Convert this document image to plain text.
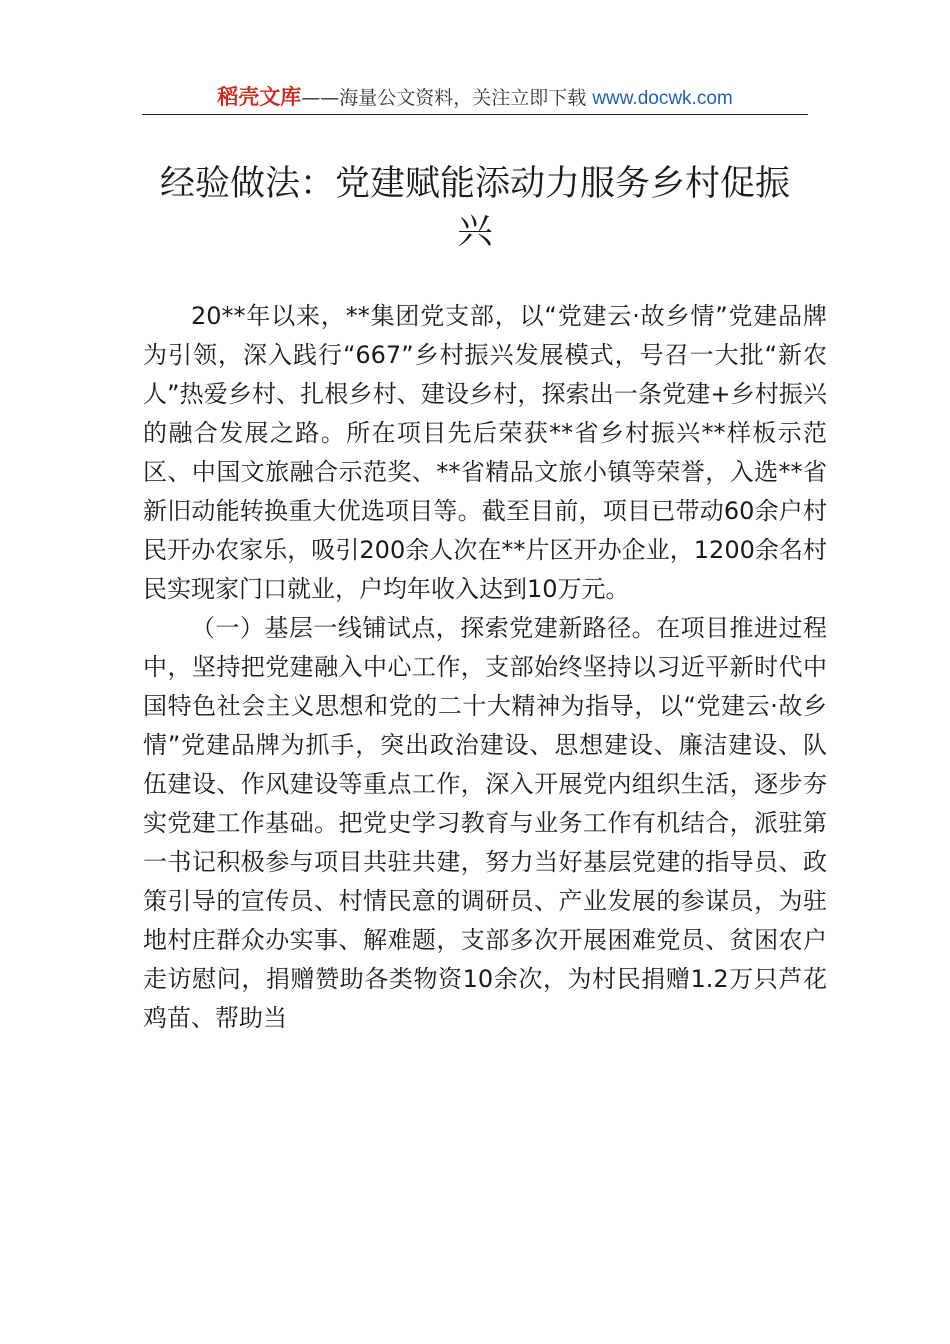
稻壳文库——海量公文资料，关注立即下载 www.docwk.com
经验做法：党建赋能添动力服务乡村促振兴

20**年以来，**集团党支部，以“党建云·故乡情”党建品牌为引领，深入践行“667”乡村振兴发展模式，号召一大批“新农人”热爱乡村、扎根乡村、建设乡村，探索出一条党建+乡村振兴的融合发展之路。所在项目先后荣获**省乡村振兴**样板示范区、中国文旅融合示范奖、**省精品文旅小镇等荣誉，入选**省新旧动能转换重大优选项目等。截至目前，项目已带动60余户村民开办农家乐，吸引200余人次在**片区开办企业，1200余名村民实现家门口就业，户均年收入达到10万元。

（一）基层一线铺试点，探索党建新路径。在项目推进过程中，坚持把党建融入中心工作，支部始终坚持以习近平新时代中国特色社会主义思想和党的二十大精神为指导，以“党建云·故乡情”党建品牌为抓手，突出政治建设、思想建设、廉洁建设、队伍建设、作风建设等重点工作，深入开展党内组织生活，逐步夯实党建工作基础。把党史学习教育与业务工作有机结合，派驻第一书记积极参与项目共驻共建，努力当好基层党建的指导员、政策引导的宣传员、村情民意的调研员、产业发展的参谋员，为驻地村庄群众办实事、解难题，支部多次开展困难党员、贫困农户走访慰问，捐赠赞助各类物资10余次，为村民捐赠1.2万只芦花鸡苗、帮助当
